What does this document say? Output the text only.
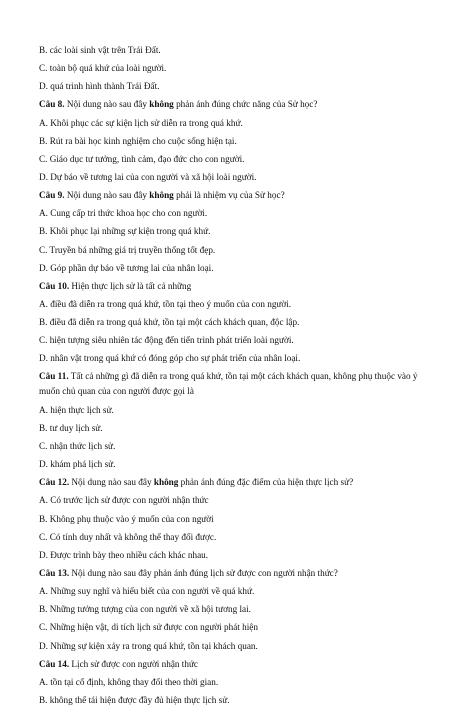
B. các loài sinh vật trên Trái Đất.
C. toàn bộ quá khứ của loài người.
D. quá trình hình thành Trái Đất.
Câu 8. Nội dung nào sau đây không phản ánh đúng chức năng của Sử học?
A. Khôi phục các sự kiện lịch sử diễn ra trong quá khứ.
B. Rút ra bài học kinh nghiệm cho cuộc sống hiện tại.
C. Giáo dục tư tưởng, tình cảm, đạo đức cho con người.
D. Dự báo về tương lai của con người và xã hội loài người.
Câu 9. Nội dung nào sau đây không phải là nhiệm vụ của Sử học?
A. Cung cấp tri thức khoa học cho con người.
B. Khôi phục lại những sự kiện trong quá khứ.
C. Truyền bá những giá trị truyền thống tốt đẹp.
D. Góp phần dự báo về tương lai của nhân loại.
Câu 10. Hiện thực lịch sử là tất cả những
A. điều đã diễn ra trong quá khứ, tồn tại theo ý muốn của con người.
B. điều đã diễn ra trong quá khứ, tồn tại một cách khách quan, độc lập.
C. hiện tượng siêu nhiên tác động đến tiến trình phát triển loài người.
D. nhân vật trong quá khứ có đóng góp cho sự phát triển của nhân loại.
Câu 11. Tất cả những gì đã diễn ra trong quá khứ, tồn tại một cách khách quan, không phụ thuộc vào ý muốn chủ quan của con người được gọi là
A. hiện thực lịch sử.
B. tư duy lịch sử.
C. nhận thức lịch sử.
D. khám phá lịch sử.
Câu 12. Nội dung nào sau đây không phản ánh đúng đặc điểm của hiện thực lịch sử?
A. Có trước lịch sử được con người nhận thức
B. Không phụ thuộc vào ý muốn của con người
C. Có tính duy nhất và không thể thay đổi được.
D. Được trình bày theo nhiều cách khác nhau.
Câu 13. Nội dung nào sau đây phản ánh đúng lịch sử được con người nhận thức?
A. Những suy nghĩ và hiểu biết của con người về quá khứ.
B. Những tưởng tượng của con người về xã hội tương lai.
C. Những hiện vật, di tích lịch sử được con người phát hiện
D. Những sự kiện xảy ra trong quá khứ, tồn tại khách quan.
Câu 14. Lịch sử được con người nhận thức
A. tồn tại cố định, không thay đổi theo thời gian.
B. không thể tái hiện được đầy đủ hiện thực lịch sử.
